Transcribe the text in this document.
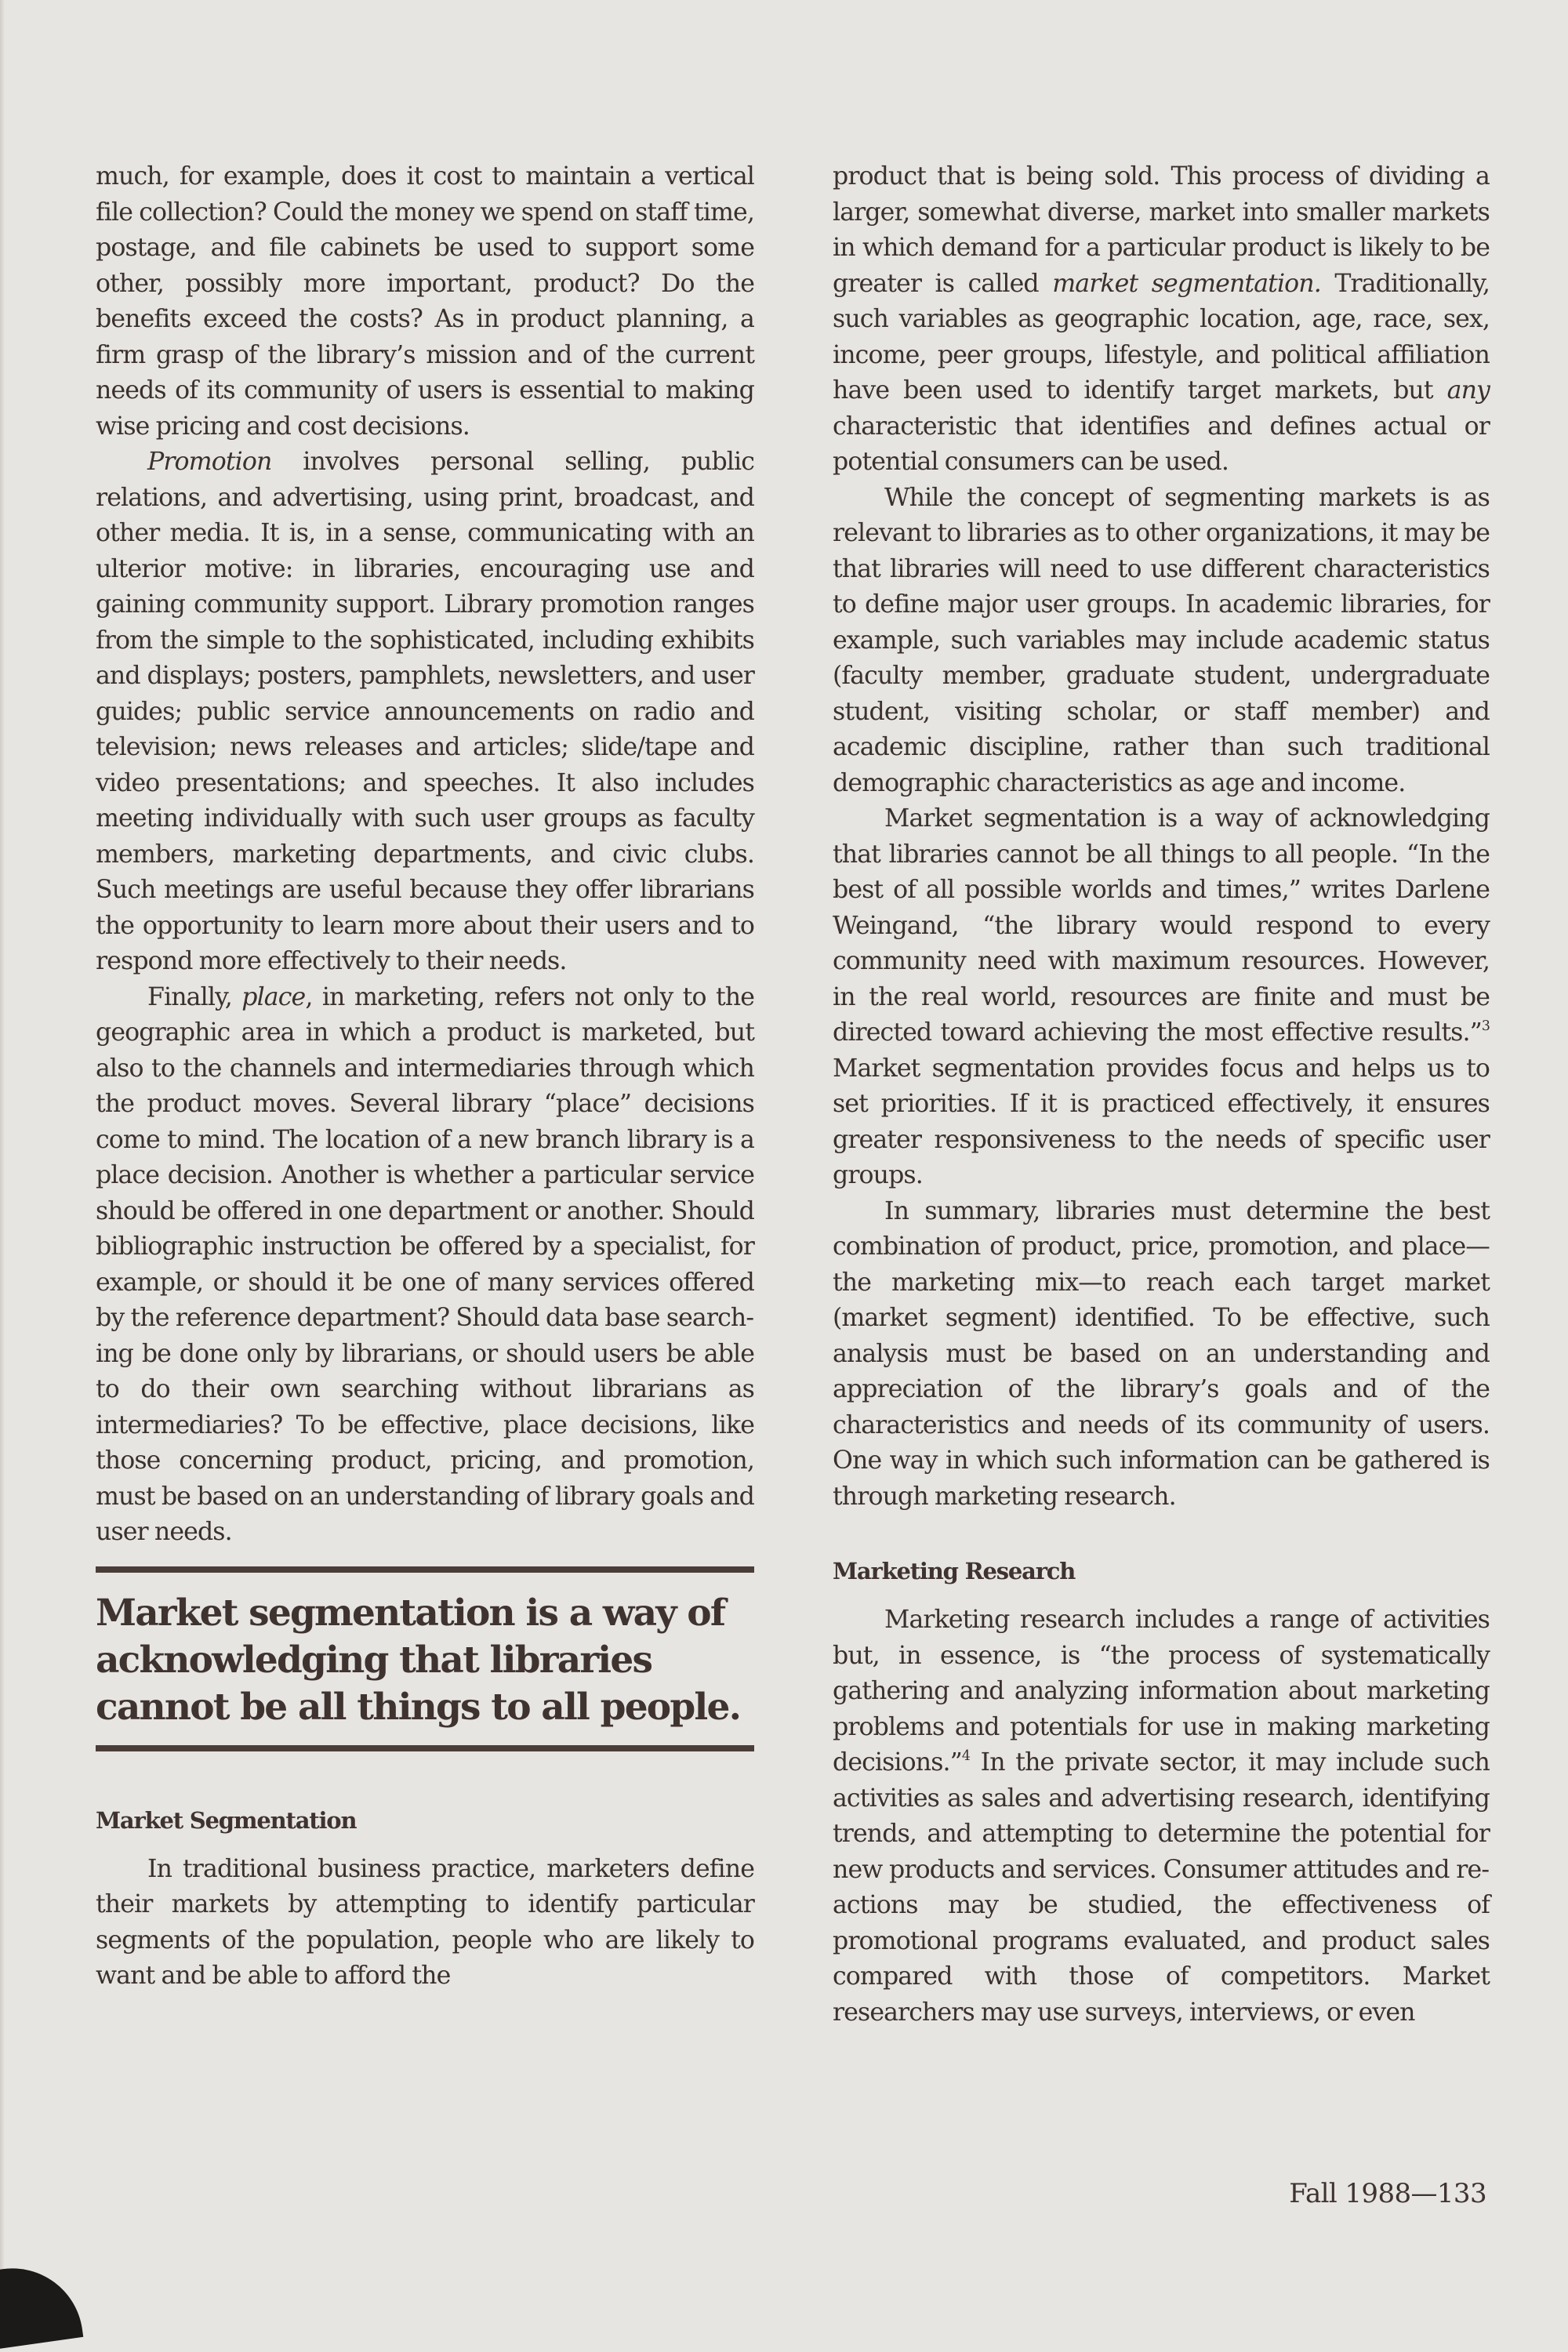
much, for example, does it cost to maintain a vertical file collection? Could the money we spend on staff time, postage, and file cabinets be used to support some other, possibly more important, product? Do the benefits exceed the costs? As in product planning, a firm grasp of the library’s mission and of the current needs of its community of users is essential to making wise pricing and cost decisions.

Promotion involves personal selling, public relations, and advertising, using print, broadcast, and other media. It is, in a sense, communicating with an ulterior motive: in libraries, encouraging use and gaining community support. Library promotion ranges from the simple to the sophisticated, including exhibits and displays; posters, pamphlets, newsletters, and user guides; public service announcements on radio and television; news releases and articles; slide/tape and video presentations; and speeches. It also includes meeting individually with such user groups as faculty members, marketing departments, and civic clubs. Such meetings are useful because they offer librarians the opportunity to learn more about their users and to respond more effectively to their needs.

Finally, place, in marketing, refers not only to the geographic area in which a product is marketed, but also to the channels and intermediaries through which the product moves. Several library “place” decisions come to mind. The location of a new branch library is a place decision. Another is whether a particular service should be offered in one department or another. Should bibliographic instruction be offered by a specialist, for example, or should it be one of many services offered by the reference department? Should data base searching be done only by librarians, or should users be able to do their own searching without librarians as intermediaries? To be effective, place decisions, like those concerning product, pricing, and promotion, must be based on an understanding of library goals and user needs.

Market segmentation is a way of acknowledging that libraries cannot be all things to all people.

Market Segmentation

In traditional business practice, marketers define their markets by attempting to identify particular segments of the population, people who are likely to want and be able to afford the

product that is being sold. This process of dividing a larger, somewhat diverse, market into smaller markets in which demand for a particular product is likely to be greater is called market segmentation. Traditionally, such variables as geographic location, age, race, sex, income, peer groups, lifestyle, and political affiliation have been used to identify target markets, but any characteristic that identifies and defines actual or potential consumers can be used.

While the concept of segmenting markets is as relevant to libraries as to other organizations, it may be that libraries will need to use different characteristics to define major user groups. In academic libraries, for example, such variables may include academic status (faculty member, graduate student, undergraduate student, visiting scholar, or staff member) and academic discipline, rather than such traditional demographic characteristics as age and income.

Market segmentation is a way of acknowledging that libraries cannot be all things to all people. “In the best of all possible worlds and times,” writes Darlene Weingand, “the library would respond to every community need with maximum resources. However, in the real world, resources are finite and must be directed toward achieving the most effective results.”$^3$ Market segmentation provides focus and helps us to set priorities. If it is practiced effectively, it ensures greater responsiveness to the needs of specific user groups.

In summary, libraries must determine the best combination of product, price, promotion, and place—the marketing mix—to reach each target market (market segment) identified. To be effective, such analysis must be based on an understanding and appreciation of the library’s goals and of the characteristics and needs of its community of users. One way in which such information can be gathered is through marketing research.

Marketing Research

Marketing research includes a range of activities but, in essence, is “the process of systematically gathering and analyzing information about marketing problems and potentials for use in making marketing decisions.”$^4$ In the private sector, it may include such activities as sales and advertising research, identifying trends, and attempting to determine the potential for new products and services. Consumer attitudes and reactions may be studied, the effectiveness of promotional programs evaluated, and product sales compared with those of competitors. Market researchers may use surveys, interviews, or even

Fall 1988—133
